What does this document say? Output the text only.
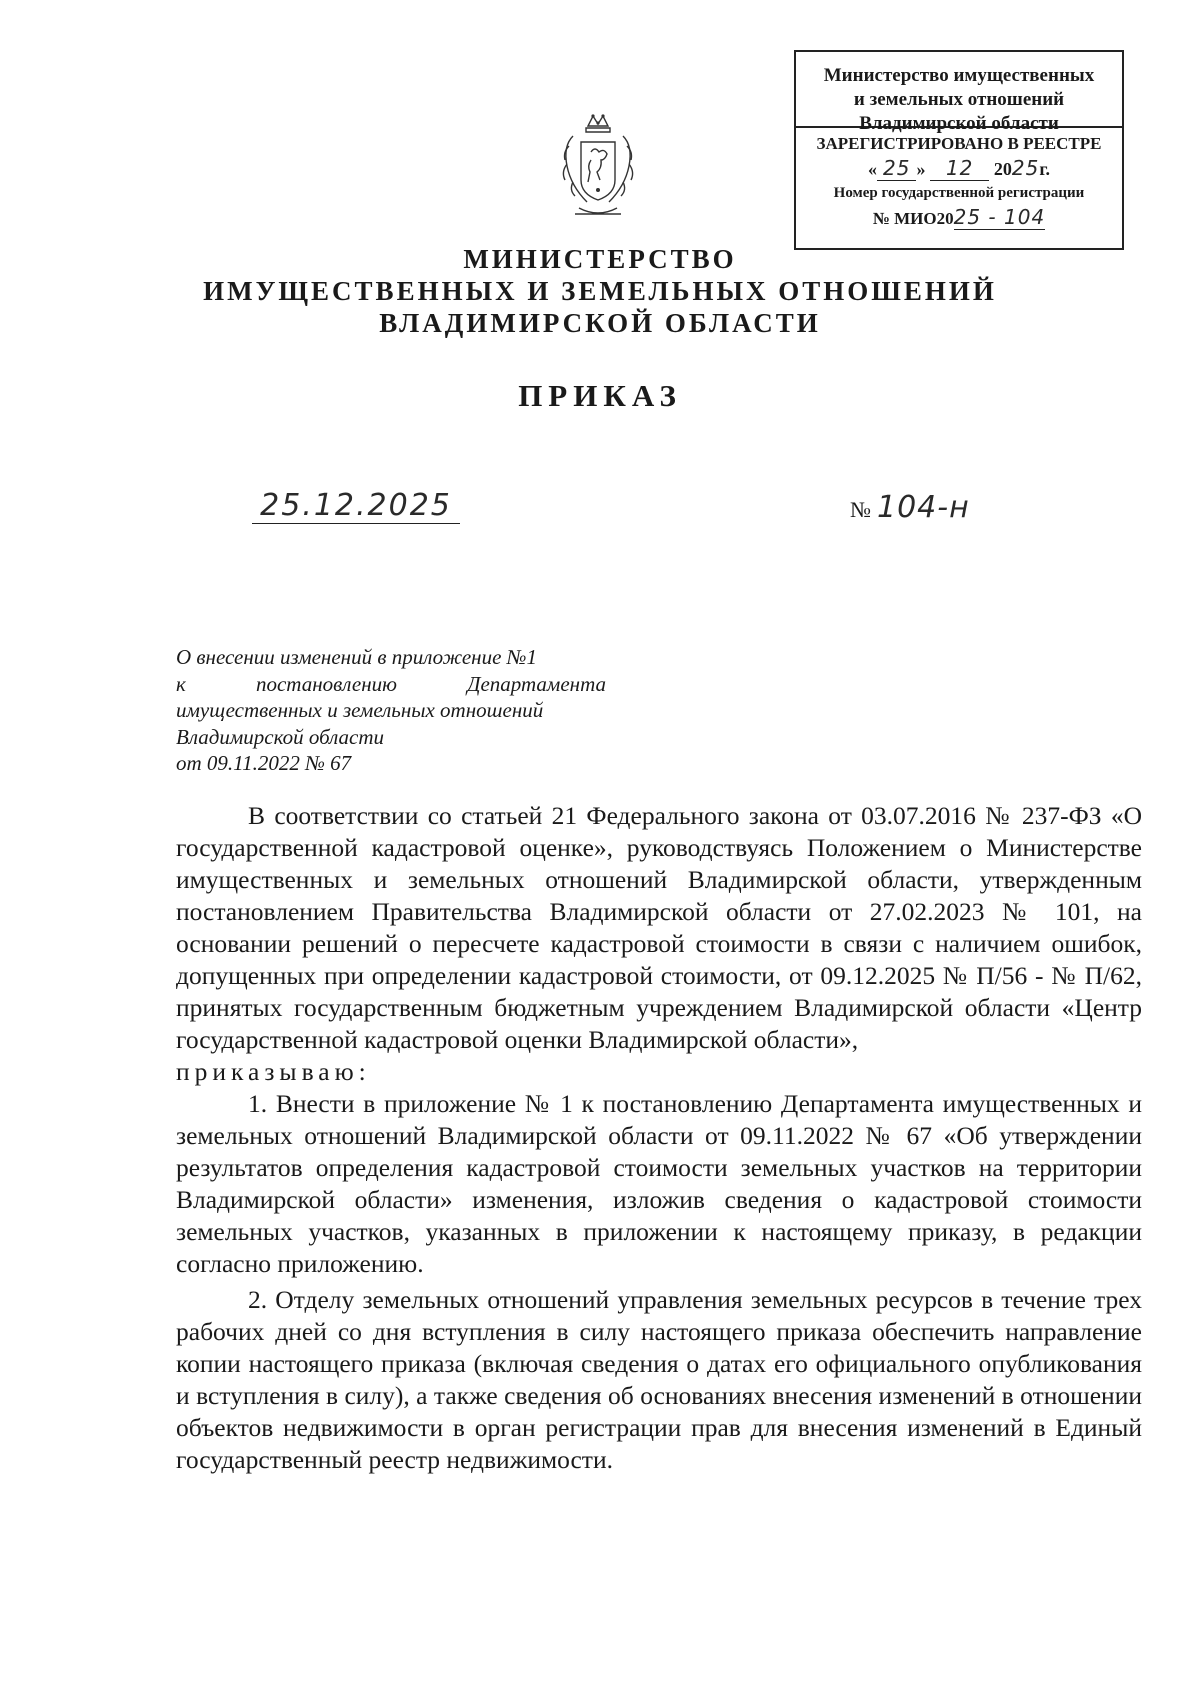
Министерство имущественных
и земельных отношений
Владимирской области
ЗАРЕГИСТРИРОВАНО В РЕЕСТРЕ
« 25 » 12 2025г.
Номер государственной регистрации
№ МИО2025 - 104
МИНИСТЕРСТВО
ИМУЩЕСТВЕННЫХ И ЗЕМЕЛЬНЫХ ОТНОШЕНИЙ
ВЛАДИМИРСКОЙ ОБЛАСТИ
ПРИКАЗ
25.12.2025	№ 104-н
О внесении изменений в приложение №1
к постановлению Департамента
имущественных и земельных отношений
Владимирской области
от 09.11.2022 № 67

В соответствии со статьей 21 Федерального закона от 03.07.2016 № 237-ФЗ «О государственной кадастровой оценке», руководствуясь Положением о Министерстве имущественных и земельных отношений Владимирской области, утвержденным постановлением Правительства Владимирской области от 27.02.2023 № 101, на основании решений о пересчете кадастровой стоимости в связи с наличием ошибок, допущенных при определении кадастровой стоимости, от 09.12.2025 № П/56 - № П/62, принятых государственным бюджетным учреждением Владимирской области «Центр государственной кадастровой оценки Владимирской области»,

приказываю:

1. Внести в приложение № 1 к постановлению Департамента имущественных и земельных отношений Владимирской области от 09.11.2022 № 67 «Об утверждении результатов определения кадастровой стоимости земельных участков на территории Владимирской области» изменения, изложив сведения о кадастровой стоимости земельных участков, указанных в приложении к настоящему приказу, в редакции согласно приложению.

2. Отделу земельных отношений управления земельных ресурсов в течение трех рабочих дней со дня вступления в силу настоящего приказа обеспечить направление копии настоящего приказа (включая сведения о датах его официального опубликования и вступления в силу), а также сведения об основаниях внесения изменений в отношении объектов недвижимости в орган регистрации прав для внесения изменений в Единый государственный реестр недвижимости.
